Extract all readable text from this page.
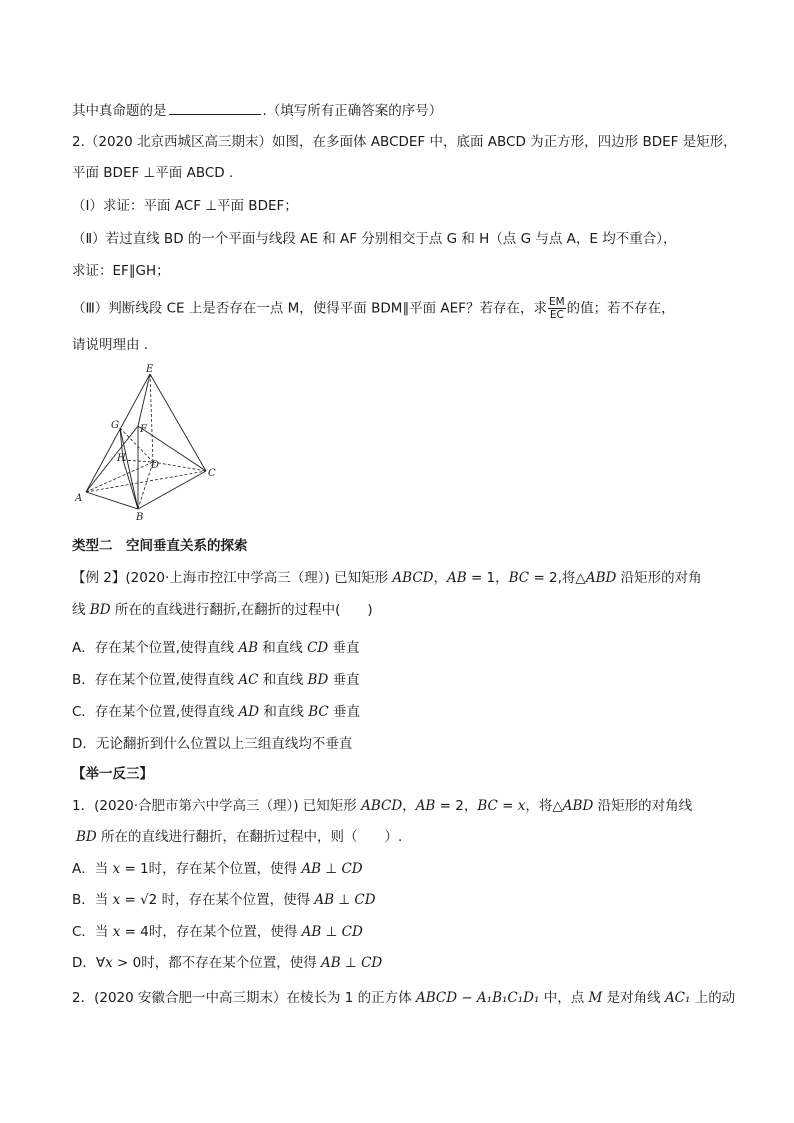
其中真命题的是	.（填写所有正确答案的序号）
2.（2020 北京西城区高三期末）如图，在多面体 ABCDEF 中，底面 ABCD 为正方形，四边形 BDEF 是矩形，
平面 BDEF ⊥平面 ABCD .
（Ⅰ）求证：平面 ACF ⊥平面 BDEF；
（Ⅱ）若过直线 BD 的一个平面与线段 AE 和 AF 分别相交于点 G 和 H（点 G 与点 A，E 均不重合），
求证：EF∥GH；
（Ⅲ）判断线段 CE 上是否存在一点 M，使得平面 BDM∥平面 AEF？若存在，求 $\frac{EM}{EC}$ 的值；若不存在，
请说明理由 .
E
G F
H
D
C
A
B
类型二　空间垂直关系的探索
【例 2】(2020·上海市控江中学高三（理）) 已知矩形 ABCD，AB = 1，BC = 2,将△ABD 沿矩形的对角
线 BD 所在的直线进行翻折,在翻折的过程中(　　)
A．存在某个位置,使得直线 AB 和直线 CD 垂直
B．存在某个位置,使得直线 AC 和直线 BD 垂直
C．存在某个位置,使得直线 AD 和直线 BC 垂直
D．无论翻折到什么位置以上三组直线均不垂直
【举一反三】
1．(2020·合肥市第六中学高三（理）) 已知矩形 ABCD，AB = 2，BC = x，将△ABD 沿矩形的对角线
BD 所在的直线进行翻折，在翻折过程中，则（　　）.
A．当 x = 1时，存在某个位置，使得 AB ⊥ CD
B．当 x = √2 时，存在某个位置，使得 AB ⊥ CD
C．当 x = 4时，存在某个位置，使得 AB ⊥ CD
D．∀x > 0时，都不存在某个位置，使得 AB ⊥ CD
2．(2020 安徽合肥一中高三期末）在棱长为 1 的正方体 ABCD − A₁B₁C₁D₁ 中，点 M 是对角线 AC₁ 上的动
